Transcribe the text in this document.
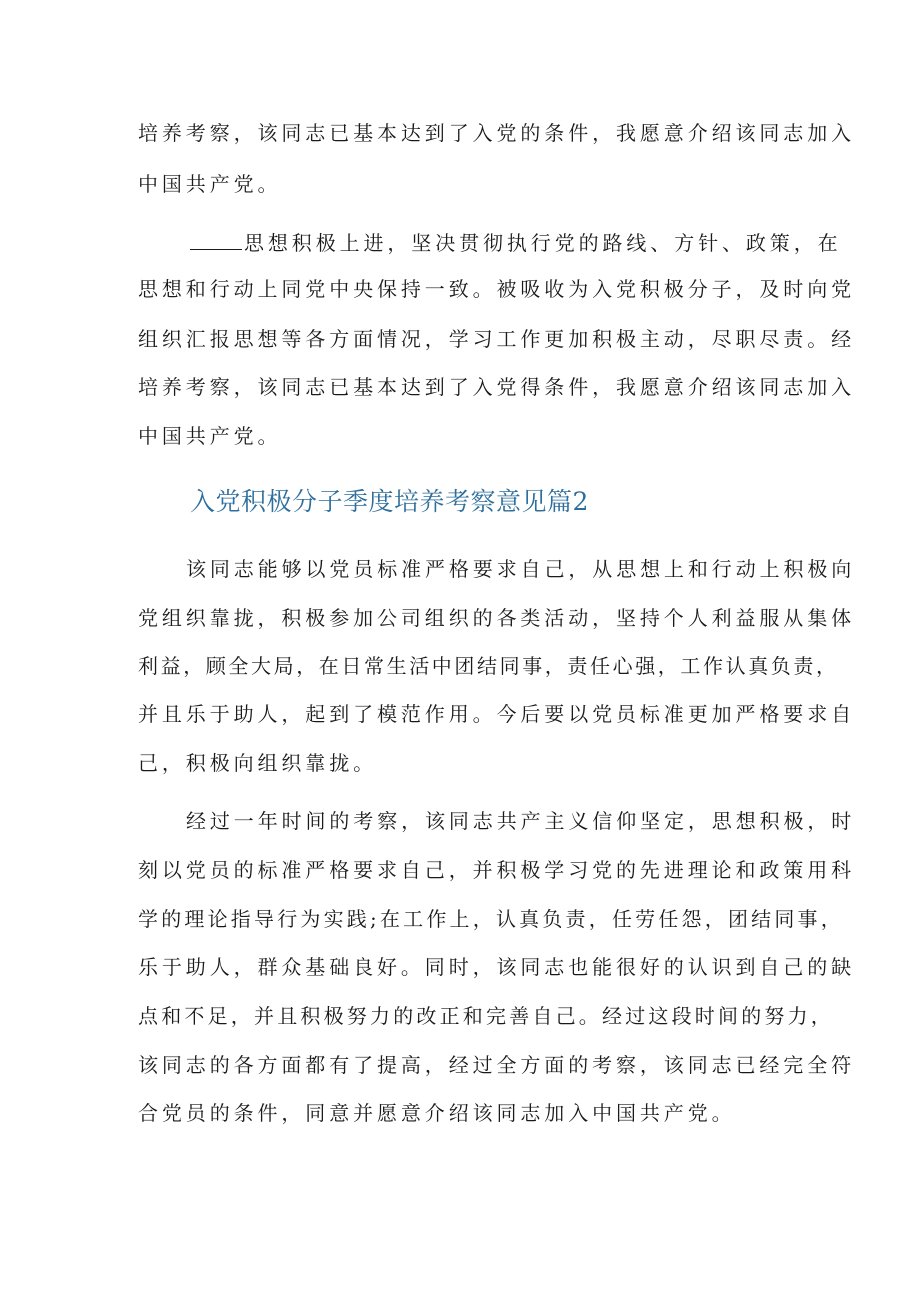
培养考察，该同志已基本达到了入党的条件，我愿意介绍该同志加入

中国共产党。

思想积极上进，坚决贯彻执行党的路线、方针、政策，在

思想和行动上同党中央保持一致。被吸收为入党积极分子，及时向党

组织汇报思想等各方面情况，学习工作更加积极主动，尽职尽责。经

培养考察，该同志已基本达到了入党得条件，我愿意介绍该同志加入

中国共产党。

入党积极分子季度培养考察意见篇2

该同志能够以党员标准严格要求自己，从思想上和行动上积极向

党组织靠拢，积极参加公司组织的各类活动，坚持个人利益服从集体

利益，顾全大局，在日常生活中团结同事，责任心强，工作认真负责，

并且乐于助人，起到了模范作用。今后要以党员标准更加严格要求自

己，积极向组织靠拢。

经过一年时间的考察，该同志共产主义信仰坚定，思想积极，时

刻以党员的标准严格要求自己，并积极学习党的先进理论和政策用科

学的理论指导行为实践;在工作上，认真负责，任劳任怨，团结同事，

乐于助人，群众基础良好。同时，该同志也能很好的认识到自己的缺

点和不足，并且积极努力的改正和完善自己。经过这段时间的努力，

该同志的各方面都有了提高，经过全方面的考察，该同志已经完全符

合党员的条件，同意并愿意介绍该同志加入中国共产党。
